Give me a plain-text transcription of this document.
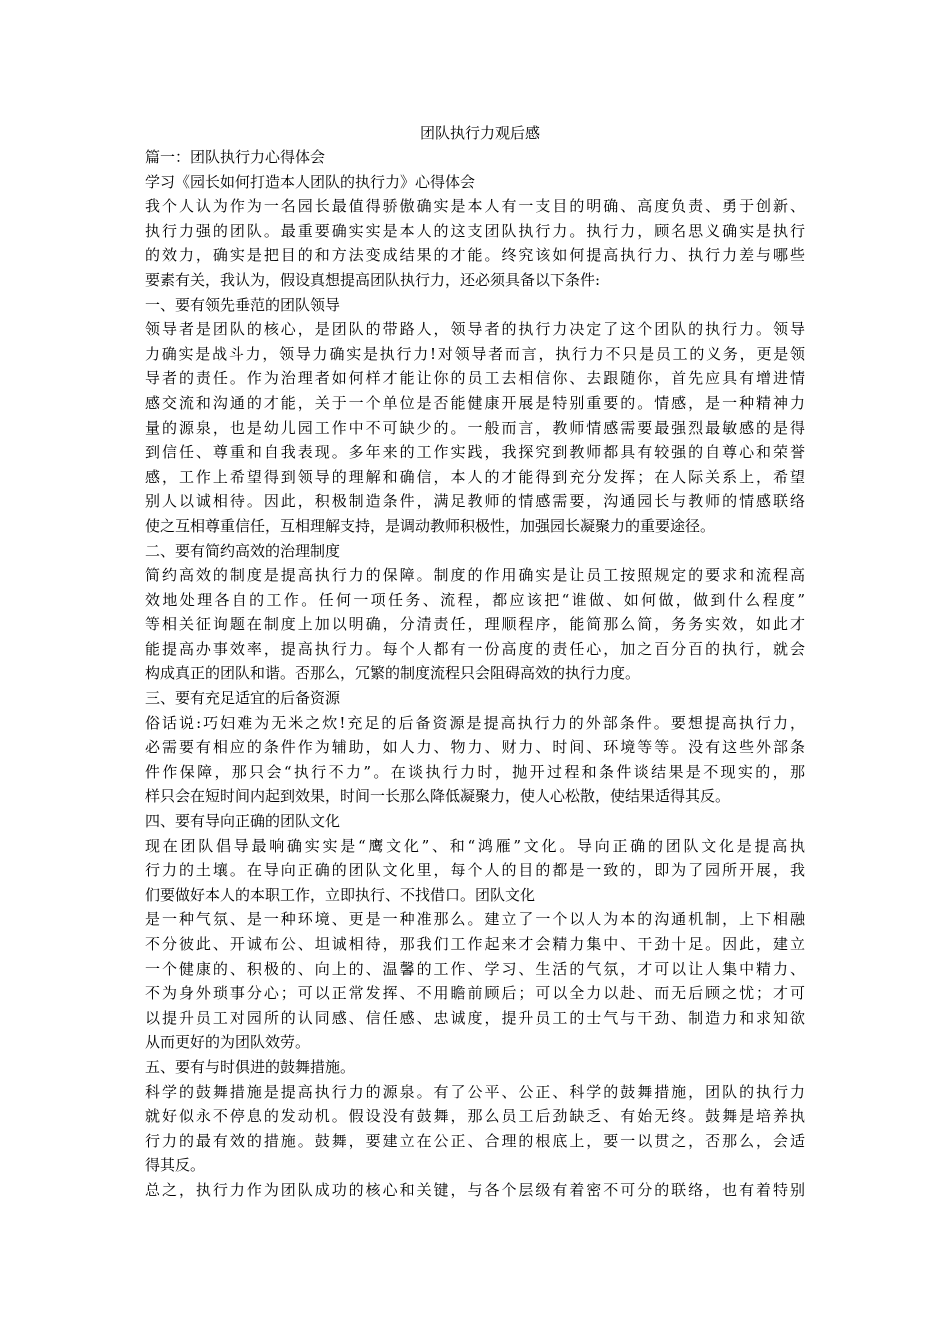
团队执行力观后感
篇一：团队执行力心得体会
学习《园长如何打造本人团队的执行力》心得体会
我个人认为作为一名园长最值得骄傲确实是本人有一支目的明确、高度负责、勇于创新、
执行力强的团队。最重要确实实是本人的这支团队执行力。执行力，顾名思义确实是执行
的效力，确实是把目的和方法变成结果的才能。终究该如何提高执行力、执行力差与哪些
要素有关，我认为，假设真想提高团队执行力，还必须具备以下条件:
一、要有领先垂范的团队领导
领导者是团队的核心，是团队的带路人，领导者的执行力决定了这个团队的执行力。领导
力确实是战斗力，领导力确实是执行力!对领导者而言，执行力不只是员工的义务，更是领
导者的责任。作为治理者如何样才能让你的员工去相信你、去跟随你，首先应具有增进情
感交流和沟通的才能，关于一个单位是否能健康开展是特别重要的。情感，是一种精神力
量的源泉，也是幼儿园工作中不可缺少的。一般而言，教师情感需要最强烈最敏感的是得
到信任、尊重和自我表现。多年来的工作实践，我探究到教师都具有较强的自尊心和荣誉
感，工作上希望得到领导的理解和确信，本人的才能得到充分发挥；在人际关系上，希望
别人以诚相待。因此，积极制造条件，满足教师的情感需要，沟通园长与教师的情感联络
使之互相尊重信任，互相理解支持，是调动教师积极性，加强园长凝聚力的重要途径。
二、要有简约高效的治理制度
简约高效的制度是提高执行力的保障。制度的作用确实是让员工按照规定的要求和流程高
效地处理各自的工作。任何一项任务、流程，都应该把“谁做、如何做，做到什么程度”
等相关征询题在制度上加以明确，分清责任，理顺程序，能简那么简，务务实效，如此才
能提高办事效率，提高执行力。每个人都有一份高度的责任心，加之百分百的执行，就会
构成真正的团队和谐。否那么，冗繁的制度流程只会阻碍高效的执行力度。
三、要有充足适宜的后备资源
俗话说:巧妇难为无米之炊!充足的后备资源是提高执行力的外部条件。要想提高执行力，
必需要有相应的条件作为辅助，如人力、物力、财力、时间、环境等等。没有这些外部条
件作保障，那只会“执行不力”。在谈执行力时，抛开过程和条件谈结果是不现实的，那
样只会在短时间内起到效果，时间一长那么降低凝聚力，使人心松散，使结果适得其反。
四、要有导向正确的团队文化
现在团队倡导最响确实实是“鹰文化”、和“鸿雁”文化。导向正确的团队文化是提高执
行力的土壤。在导向正确的团队文化里，每个人的目的都是一致的，即为了园所开展，我
们要做好本人的本职工作，立即执行、不找借口。团队文化
是一种气氛、是一种环境、更是一种准那么。建立了一个以人为本的沟通机制，上下相融
不分彼此、开诚布公、坦诚相待，那我们工作起来才会精力集中、干劲十足。因此，建立
一个健康的、积极的、向上的、温馨的工作、学习、生活的气氛，才可以让人集中精力、
不为身外琐事分心；可以正常发挥、不用瞻前顾后；可以全力以赴、而无后顾之忧；才可
以提升员工对园所的认同感、信任感、忠诚度，提升员工的士气与干劲、制造力和求知欲
从而更好的为团队效劳。
五、要有与时俱进的鼓舞措施。
科学的鼓舞措施是提高执行力的源泉。有了公平、公正、科学的鼓舞措施，团队的执行力
就好似永不停息的发动机。假设没有鼓舞，那么员工后劲缺乏、有始无终。鼓舞是培养执
行力的最有效的措施。鼓舞，要建立在公正、合理的根底上，要一以贯之，否那么，会适
得其反。
总之，执行力作为团队成功的核心和关键，与各个层级有着密不可分的联络，也有着特别
